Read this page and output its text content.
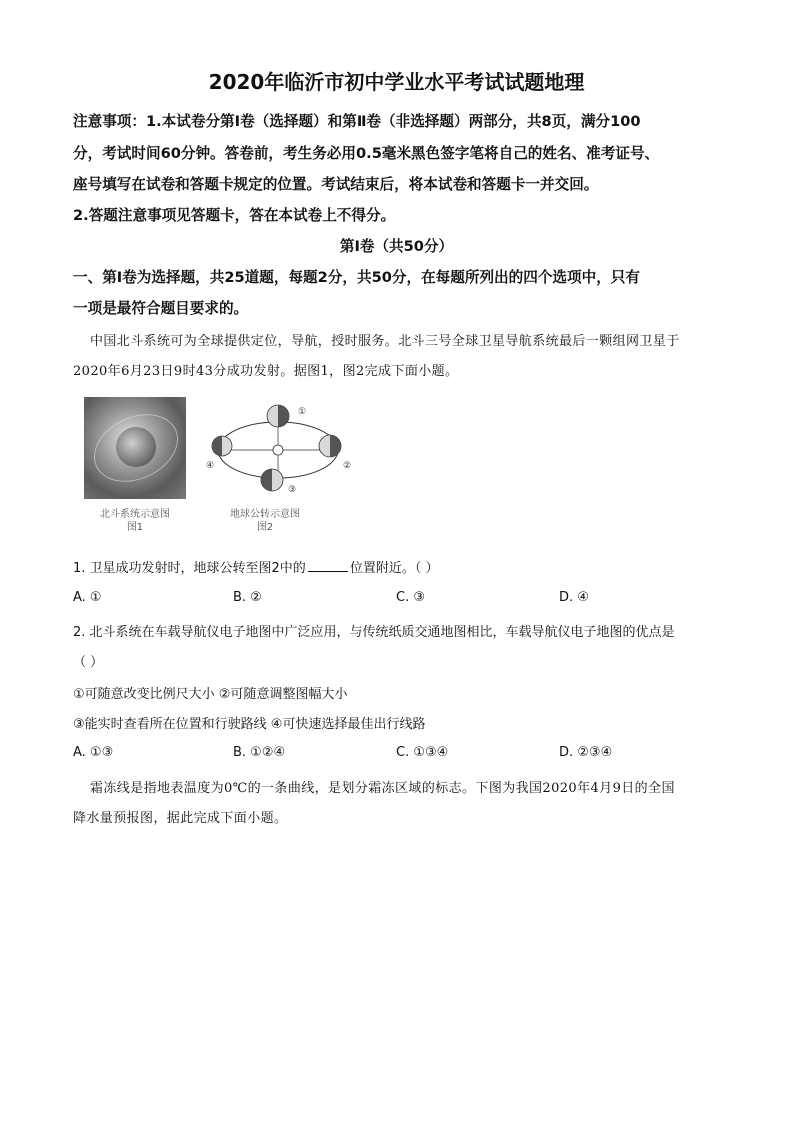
2020年临沂市初中学业水平考试试题地理
注意事项：1.本试卷分第Ⅰ卷（选择题）和第Ⅱ卷（非选择题）两部分，共8页，满分100
分，考试时间60分钟。答卷前，考生务必用0.5毫米黑色签字笔将自己的姓名、准考证号、
座号填写在试卷和答题卡规定的位置。考试结束后，将本试卷和答题卡一并交回。
2.答题注意事项见答题卡，答在本试卷上不得分。
第Ⅰ卷（共50分）
一、第Ⅰ卷为选择题，共25道题，每题2分，共50分，在每题所列出的四个选项中，只有
一项是最符合题目要求的。
中国北斗系统可为全球提供定位，导航，授时服务。北斗三号全球卫星导航系统最后一颗组网卫星于
2020年6月23日9时43分成功发射。据图1，图2完成下面小题。
北斗系统示意图
图1
①
②
③
④
地球公转示意图
图2
1. 卫星成功发射时，地球公转至图2中的	位置附近。（ ）
A. ①	B. ②	C. ③	D. ④
2. 北斗系统在车载导航仪电子地图中广泛应用，与传统纸质交通地图相比，车载导航仪电子地图的优点是
（ ）
①可随意改变比例尺大小 ②可随意调整图幅大小
③能实时查看所在位置和行驶路线 ④可快速选择最佳出行线路
A. ①③	B. ①②④	C. ①③④	D. ②③④
霜冻线是指地表温度为0℃的一条曲线，是划分霜冻区域的标志。下图为我国2020年4月9日的全国
降水量预报图，据此完成下面小题。
